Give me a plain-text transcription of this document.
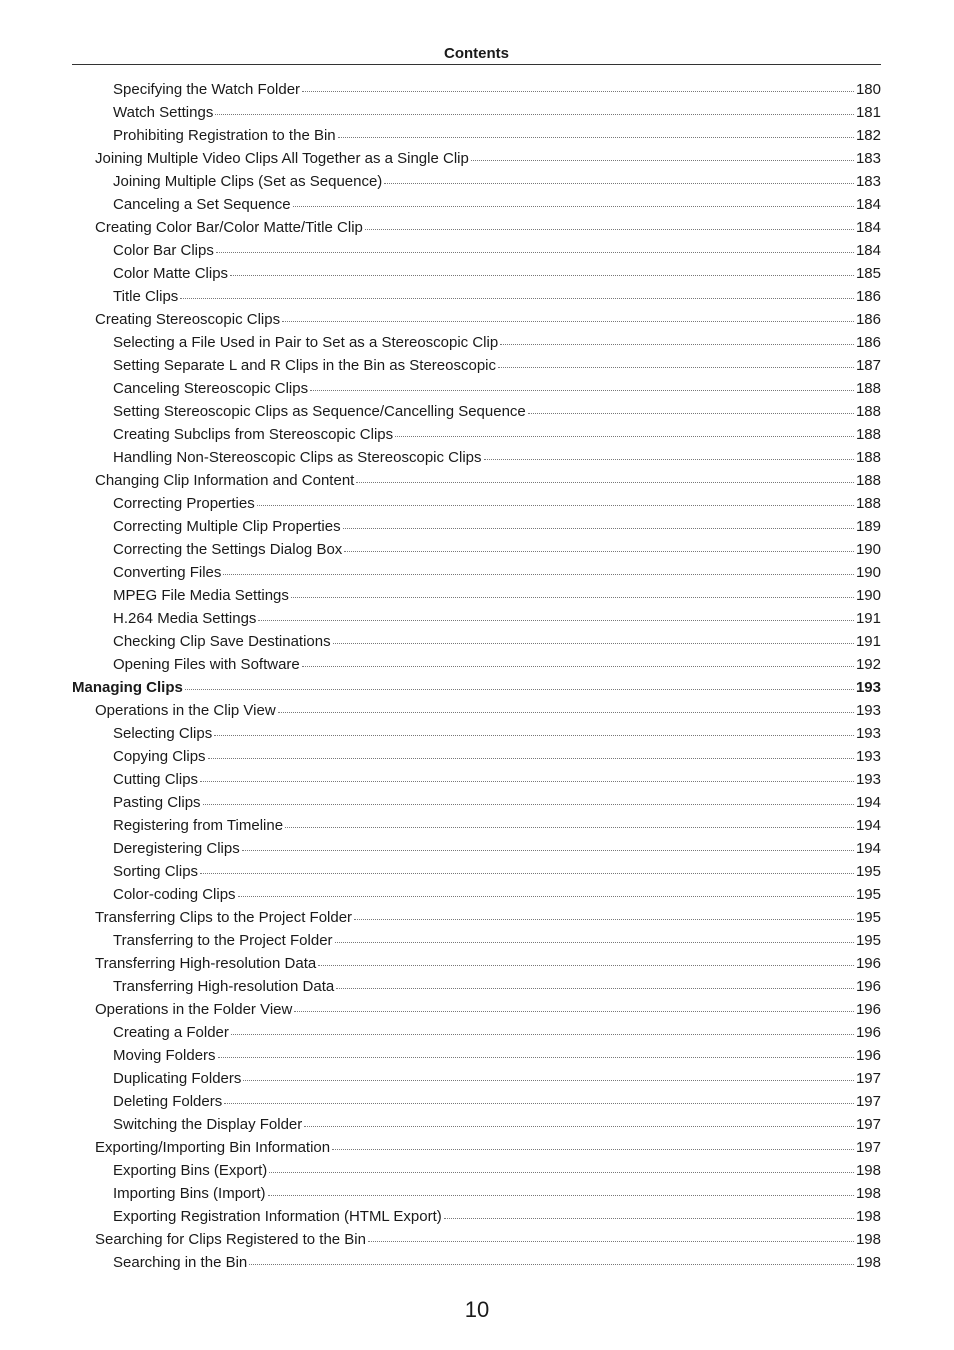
Contents
Specifying the Watch Folder	180
Watch Settings	181
Prohibiting Registration to the Bin	182
Joining Multiple Video Clips All Together as a Single Clip	183
Joining Multiple Clips (Set as Sequence)	183
Canceling a Set Sequence	184
Creating Color Bar/Color Matte/Title Clip	184
Color Bar Clips	184
Color Matte Clips	185
Title Clips	186
Creating Stereoscopic Clips	186
Selecting a File Used in Pair to Set as a Stereoscopic Clip	186
Setting Separate L and R Clips in the Bin as Stereoscopic	187
Canceling Stereoscopic Clips	188
Setting Stereoscopic Clips as Sequence/Cancelling Sequence	188
Creating Subclips from Stereoscopic Clips	188
Handling Non-Stereoscopic Clips as Stereoscopic Clips	188
Changing Clip Information and Content	188
Correcting Properties	188
Correcting Multiple Clip Properties	189
Correcting the Settings Dialog Box	190
Converting Files	190
MPEG File Media Settings	190
H.264 Media Settings	191
Checking Clip Save Destinations	191
Opening Files with Software	192
Managing Clips	193
Operations in the Clip View	193
Selecting Clips	193
Copying Clips	193
Cutting Clips	193
Pasting Clips	194
Registering from Timeline	194
Deregistering Clips	194
Sorting Clips	195
Color-coding Clips	195
Transferring Clips to the Project Folder	195
Transferring to the Project Folder	195
Transferring High-resolution Data	196
Transferring High-resolution Data	196
Operations in the Folder View	196
Creating a Folder	196
Moving Folders	196
Duplicating Folders	197
Deleting Folders	197
Switching the Display Folder	197
Exporting/Importing Bin Information	197
Exporting Bins (Export)	198
Importing Bins (Import)	198
Exporting Registration Information (HTML Export)	198
Searching for Clips Registered to the Bin	198
Searching in the Bin	198
10
